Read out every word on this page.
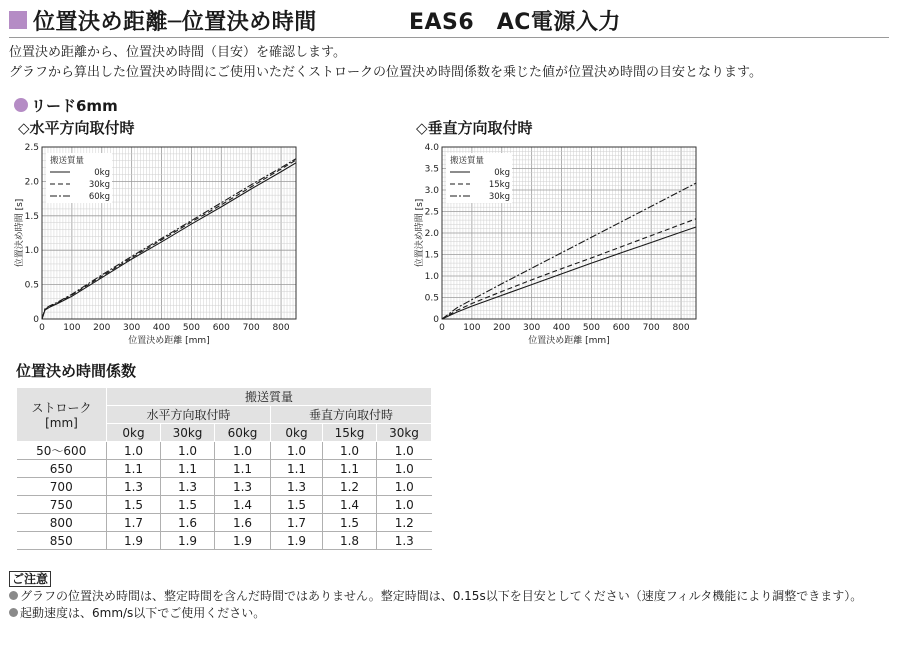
位置決め距離─位置決め時間	EAS6　AC電源入力
位置決め距離から、位置決め時間（目安）を確認します。
グラフから算出した位置決め時間にご使用いただくストロークの位置決め時間係数を乗じた値が位置決め時間の目安となります。
リード6mm
◇水平方向取付時	◇垂直方向取付時
0 100 200 300 400 500 600 700 800
0
0.5
1.0
1.5
2.0
2.5
位置決め距離 [mm]
位置決め時間 [s]
搬送質量
0kg
30kg
60kg
0 100 200 300 400 500 600 700 800
0
0.5
1.0
1.5
2.0
2.5
3.0
3.5
4.0
位置決め距離 [mm]
位置決め時間 [s]
搬送質量
0kg
15kg
30kg
位置決め時間係数
ストローク
[mm]	搬送質量					
	水平方向取付時			垂直方向取付時		
	0kg	30kg	60kg	0kg	15kg	30kg
50～600	1.0	1.0	1.0	1.0	1.0	1.0
650	1.1	1.1	1.1	1.1	1.1	1.0
700	1.3	1.3	1.3	1.3	1.2	1.0
750	1.5	1.5	1.4	1.5	1.4	1.0
800	1.7	1.6	1.6	1.7	1.5	1.2
850	1.9	1.9	1.9	1.9	1.8	1.3
ご注意
グラフの位置決め時間は、整定時間を含んだ時間ではありません。整定時間は、0.15s以下を目安としてください（速度フィルタ機能により調整できます）。
起動速度は、6mm/s以下でご使用ください。
